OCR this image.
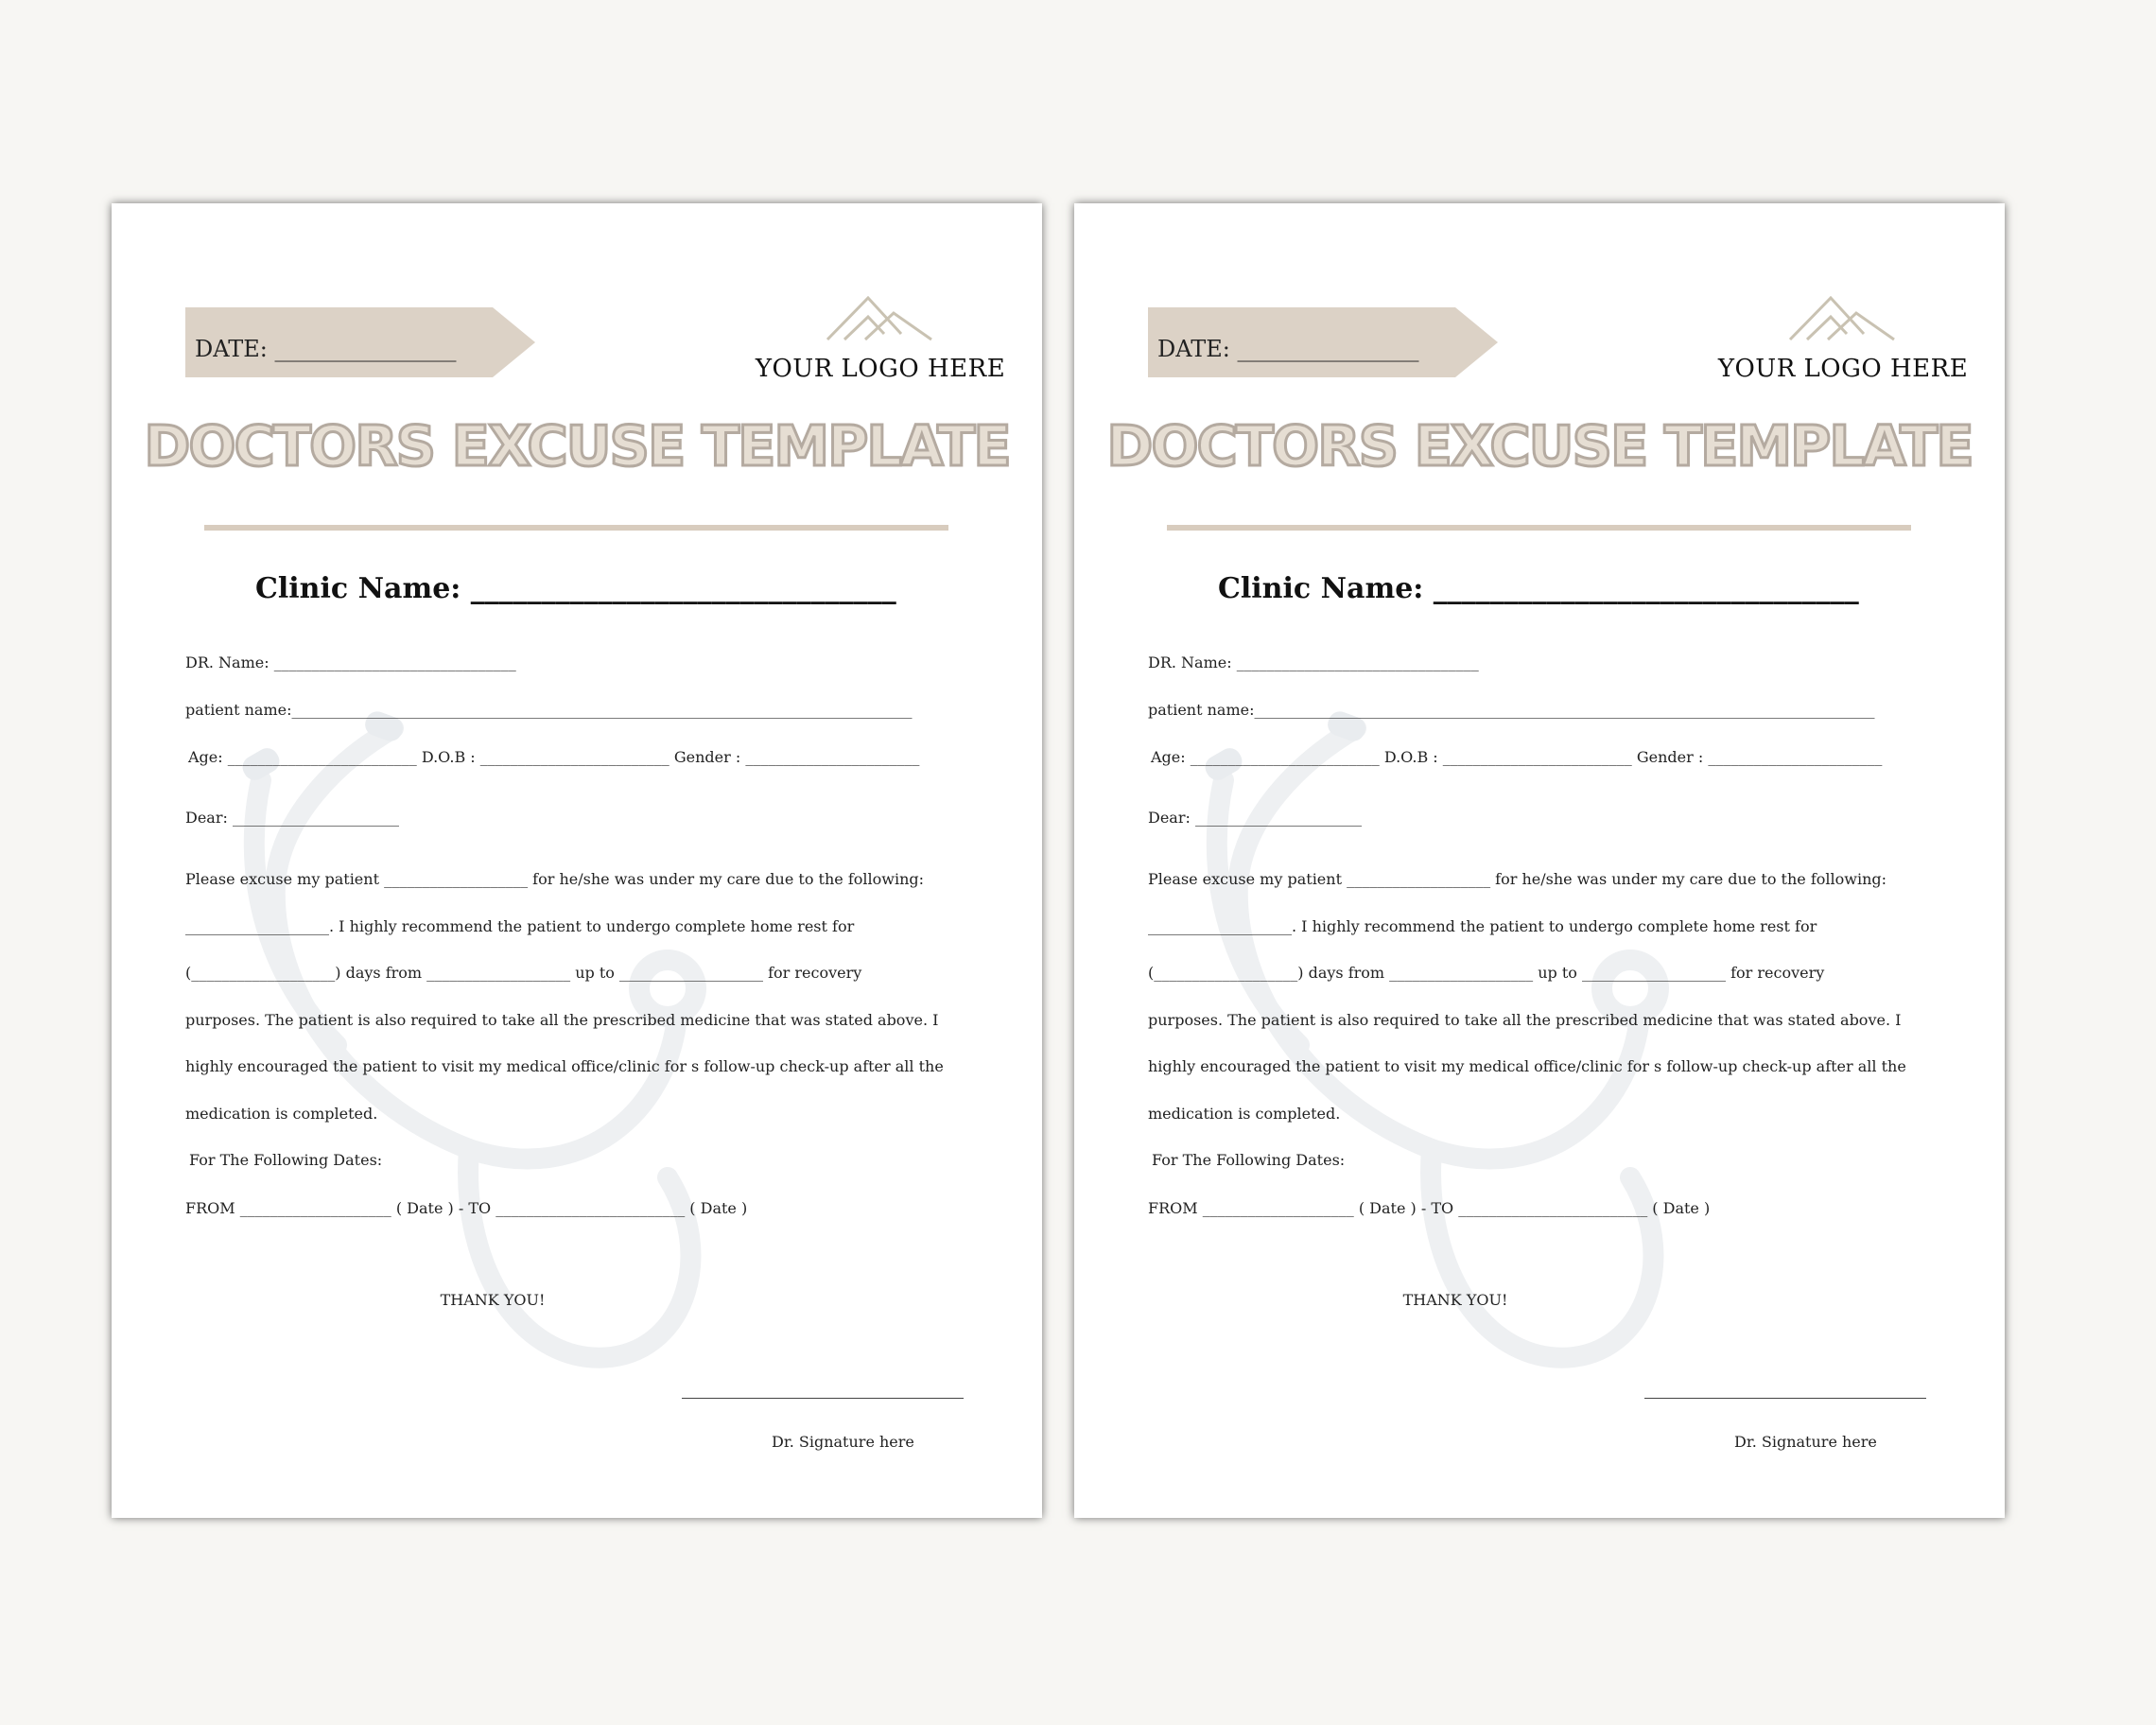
DATE: ________________
YOUR LOGO HERE
DOCTORS EXCUSE TEMPLATE
Clinic Name: ______________________________
DR. Name: ________________________________
patient name:__________________________________________________________________________________
Age: _________________________ D.O.B : _________________________ Gender : _______________________
Dear: ______________________
Please excuse my patient ___________________ for he/she was under my care due to the following:
___________________. I highly recommend the patient to undergo complete home rest for
(___________________) days from ___________________ up to ___________________ for recovery
purposes. The patient is also required to take all the prescribed medicine that was stated above. I
highly encouraged the patient to visit my medical office/clinic for s follow-up check-up after all the
medication is completed.
For The Following Dates:
FROM ____________________ ( Date ) - TO _________________________ ( Date )
THANK YOU!
Dr. Signature here
DATE: ________________
YOUR LOGO HERE
DOCTORS EXCUSE TEMPLATE
Clinic Name: ______________________________
DR. Name: ________________________________
patient name:__________________________________________________________________________________
Age: _________________________ D.O.B : _________________________ Gender : _______________________
Dear: ______________________
Please excuse my patient ___________________ for he/she was under my care due to the following:
___________________. I highly recommend the patient to undergo complete home rest for
(___________________) days from ___________________ up to ___________________ for recovery
purposes. The patient is also required to take all the prescribed medicine that was stated above. I
highly encouraged the patient to visit my medical office/clinic for s follow-up check-up after all the
medication is completed.
For The Following Dates:
FROM ____________________ ( Date ) - TO _________________________ ( Date )
THANK YOU!
Dr. Signature here
